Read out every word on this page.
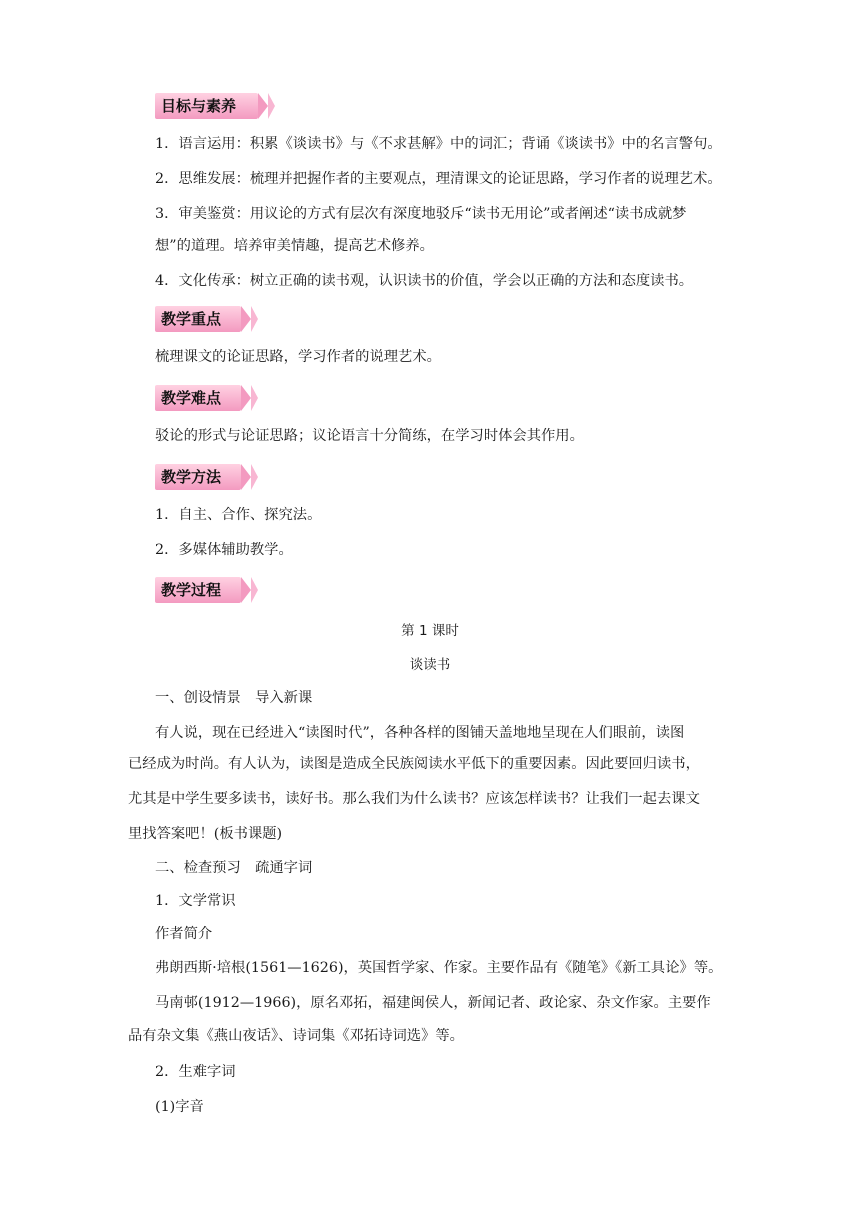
目标与素养
1．语言运用：积累《谈读书》与《不求甚解》中的词汇；背诵《谈读书》中的名言警句。
2．思维发展：梳理并把握作者的主要观点，理清课文的论证思路，学习作者的说理艺术。
3．审美鉴赏：用议论的方式有层次有深度地驳斥“读书无用论”或者阐述“读书成就梦
想”的道理。培养审美情趣，提高艺术修养。
4．文化传承：树立正确的读书观，认识读书的价值，学会以正确的方法和态度读书。
教学重点
梳理课文的论证思路，学习作者的说理艺术。
教学难点
驳论的形式与论证思路；议论语言十分简练，在学习时体会其作用。
教学方法
1．自主、合作、探究法。
2．多媒体辅助教学。
教学过程
第 1 课时
谈读书
一、创设情景　导入新课
有人说，现在已经进入“读图时代”，各种各样的图铺天盖地地呈现在人们眼前，读图
已经成为时尚。有人认为，读图是造成全民族阅读水平低下的重要因素。因此要回归读书，
尤其是中学生要多读书，读好书。那么我们为什么读书？应该怎样读书？让我们一起去课文
里找答案吧！(板书课题)
二、检查预习　疏通字词
1．文学常识
作者简介
弗朗西斯·培根(1561—1626)，英国哲学家、作家。主要作品有《随笔》《新工具论》等。
马南邨(1912—1966)，原名邓拓，福建闽侯人，新闻记者、政论家、杂文作家。主要作
品有杂文集《燕山夜话》、诗词集《邓拓诗词选》等。
2．生难字词
(1)字音
